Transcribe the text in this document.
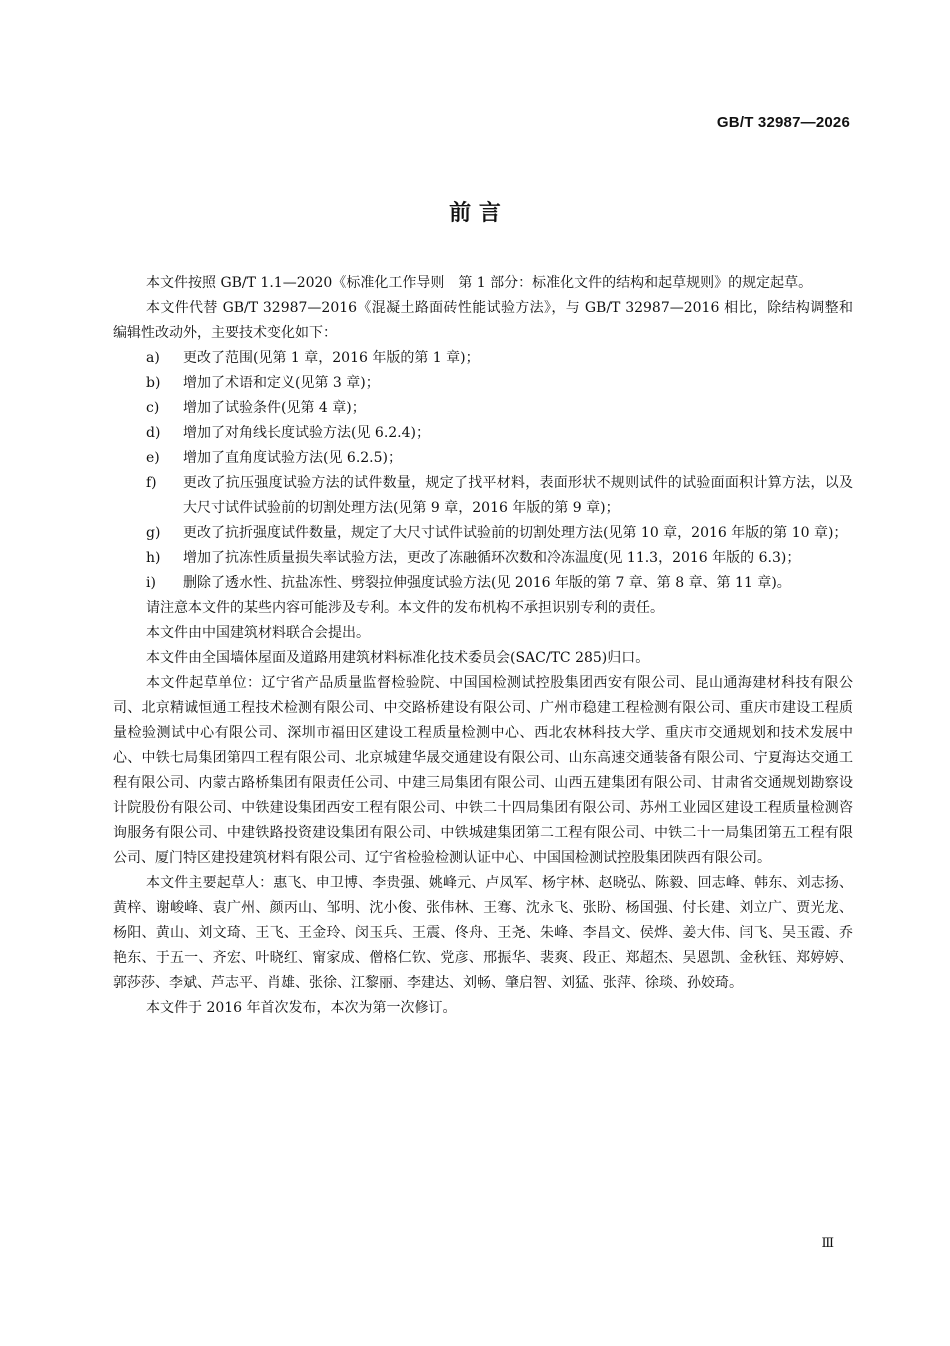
GB/T 32987—2026
前 言

本文件按照 GB/T 1.1—2020《标准化工作导则　第 1 部分：标准化文件的结构和起草规则》的规定起草。

本文件代替 GB/T 32987—2016《混凝土路面砖性能试验方法》，与 GB/T 32987—2016 相比，除结构调整和编辑性改动外，主要技术变化如下：

a)	更改了范围(见第 1 章，2016 年版的第 1 章)；
b)	增加了术语和定义(见第 3 章)；
c)	增加了试验条件(见第 4 章)；
d)	增加了对角线长度试验方法(见 6.2.4)；
e)	增加了直角度试验方法(见 6.2.5)；
f)	更改了抗压强度试验方法的试件数量，规定了找平材料，表面形状不规则试件的试验面面积计算方法，以及大尺寸试件试验前的切割处理方法(见第 9 章，2016 年版的第 9 章)；
g)	更改了抗折强度试件数量，规定了大尺寸试件试验前的切割处理方法(见第 10 章，2016 年版的第 10 章)；
h)	增加了抗冻性质量损失率试验方法，更改了冻融循环次数和冷冻温度(见 11.3，2016 年版的 6.3)；
i)	删除了透水性、抗盐冻性、劈裂拉伸强度试验方法(见 2016 年版的第 7 章、第 8 章、第 11 章)。

请注意本文件的某些内容可能涉及专利。本文件的发布机构不承担识别专利的责任。

本文件由中国建筑材料联合会提出。

本文件由全国墙体屋面及道路用建筑材料标准化技术委员会(SAC/TC 285)归口。

本文件起草单位：辽宁省产品质量监督检验院、中国国检测试控股集团西安有限公司、昆山通海建材科技有限公司、北京精诚恒通工程技术检测有限公司、中交路桥建设有限公司、广州市稳建工程检测有限公司、重庆市建设工程质量检验测试中心有限公司、深圳市福田区建设工程质量检测中心、西北农林科技大学、重庆市交通规划和技术发展中心、中铁七局集团第四工程有限公司、北京城建华晟交通建设有限公司、山东高速交通装备有限公司、宁夏海达交通工程有限公司、内蒙古路桥集团有限责任公司、中建三局集团有限公司、山西五建集团有限公司、甘肃省交通规划勘察设计院股份有限公司、中铁建设集团西安工程有限公司、中铁二十四局集团有限公司、苏州工业园区建设工程质量检测咨询服务有限公司、中建铁路投资建设集团有限公司、中铁城建集团第二工程有限公司、中铁二十一局集团第五工程有限公司、厦门特区建投建筑材料有限公司、辽宁省检验检测认证中心、中国国检测试控股集团陕西有限公司。

本文件主要起草人：惠飞、申卫博、李贵强、姚峰元、卢凤军、杨宇林、赵晓弘、陈毅、回志峰、韩东、刘志扬、黄梓、谢峻峰、袁广州、颜丙山、邹明、沈小俊、张伟林、王骞、沈永飞、张盼、杨国强、付长建、刘立广、贾光龙、杨阳、黄山、刘文琦、王飞、王金玲、闵玉兵、王震、佟舟、王尧、朱峰、李昌文、侯烨、姜大伟、闫飞、吴玉霞、乔艳东、于五一、齐宏、叶晓红、甯家成、僧格仁钦、党彦、邢振华、裴爽、段正、郑超杰、吴恩凯、金秋钰、郑婷婷、郭莎莎、李斌、芦志平、肖雄、张徐、江黎丽、李建达、刘畅、肇启智、刘猛、张萍、徐琰、孙姣琦。

本文件于 2016 年首次发布，本次为第一次修订。

Ⅲ
